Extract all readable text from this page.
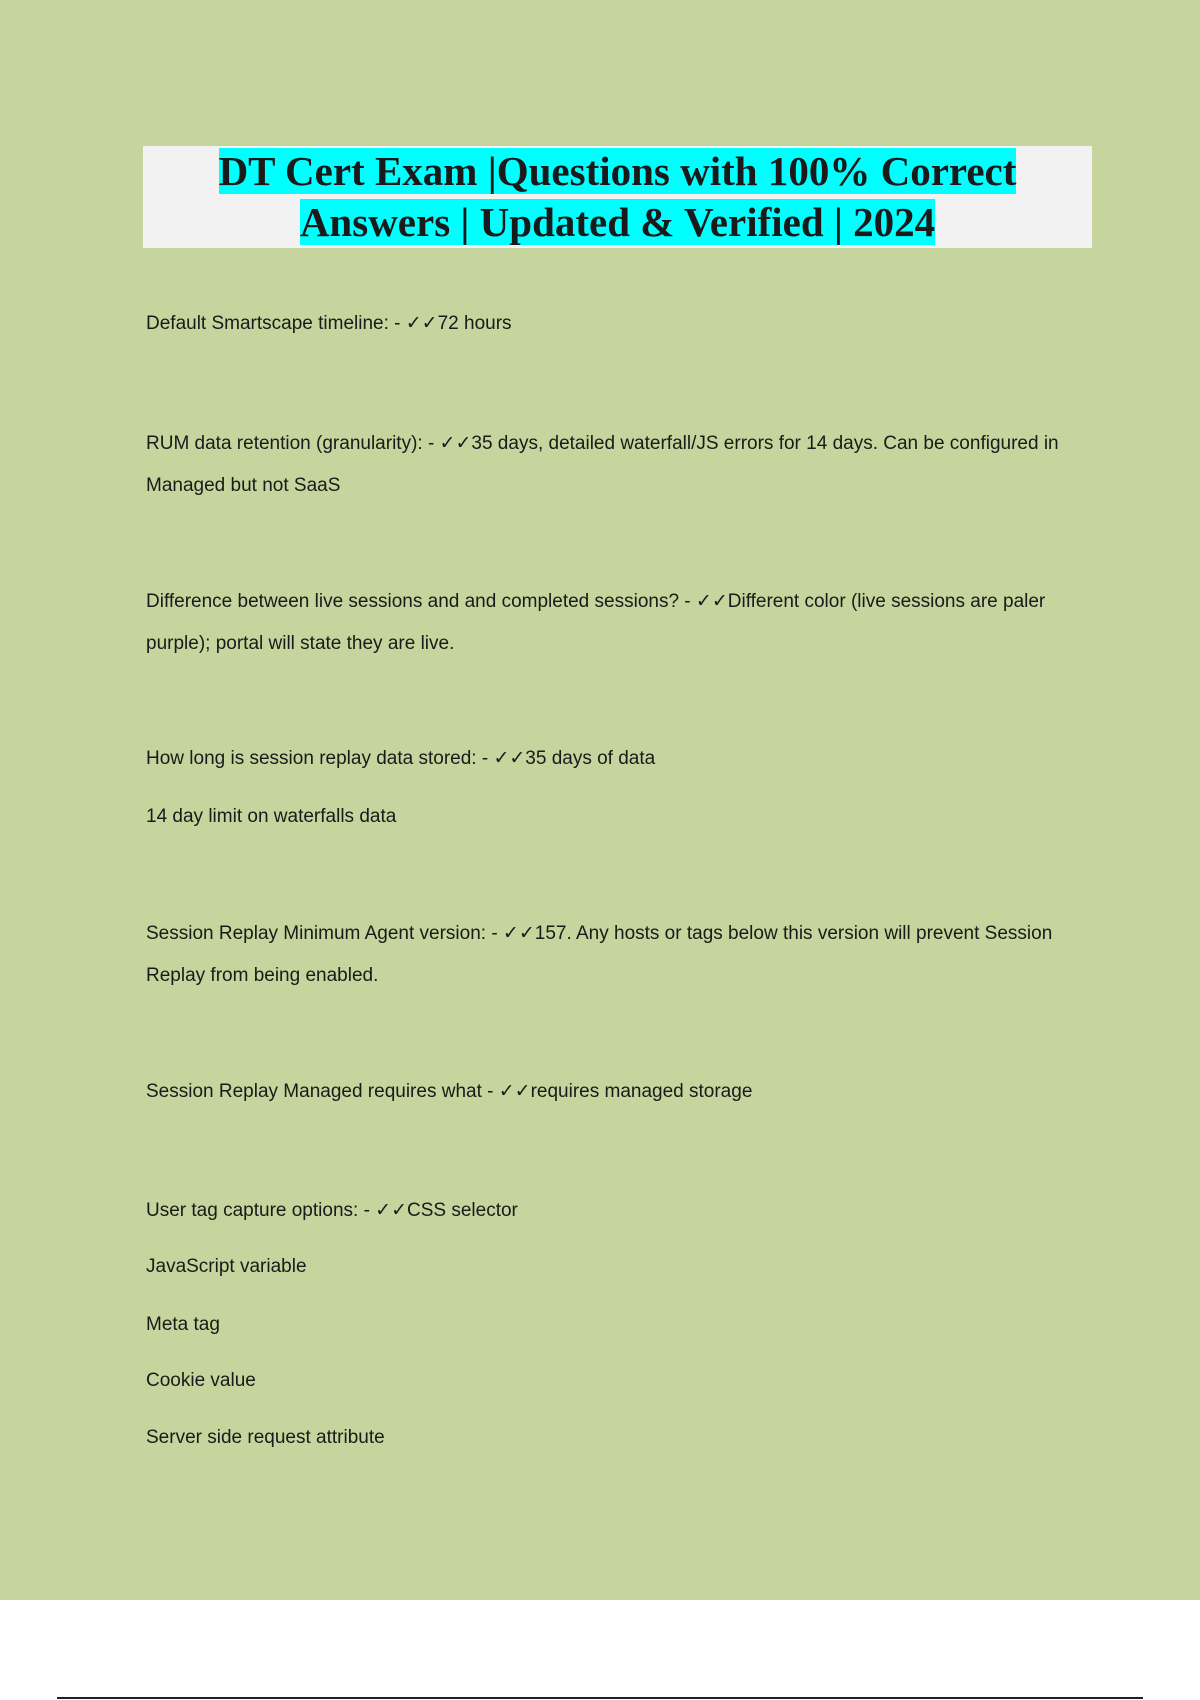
DT Cert Exam |Questions with 100% Correct
Answers | Updated & Verified | 2024

Default Smartscape timeline: - ✓✓72 hours

RUM data retention (granularity): - ✓✓35 days, detailed waterfall/JS errors for 14 days. Can be configured in Managed but not SaaS

Difference between live sessions and and completed sessions? - ✓✓Different color (live sessions are paler purple); portal will state they are live.

How long is session replay data stored: - ✓✓35 days of data

14 day limit on waterfalls data

Session Replay Minimum Agent version: - ✓✓157. Any hosts or tags below this version will prevent Session Replay from being enabled.

Session Replay Managed requires what - ✓✓requires managed storage

User tag capture options: - ✓✓CSS selector

JavaScript variable

Meta tag

Cookie value

Server side request attribute
